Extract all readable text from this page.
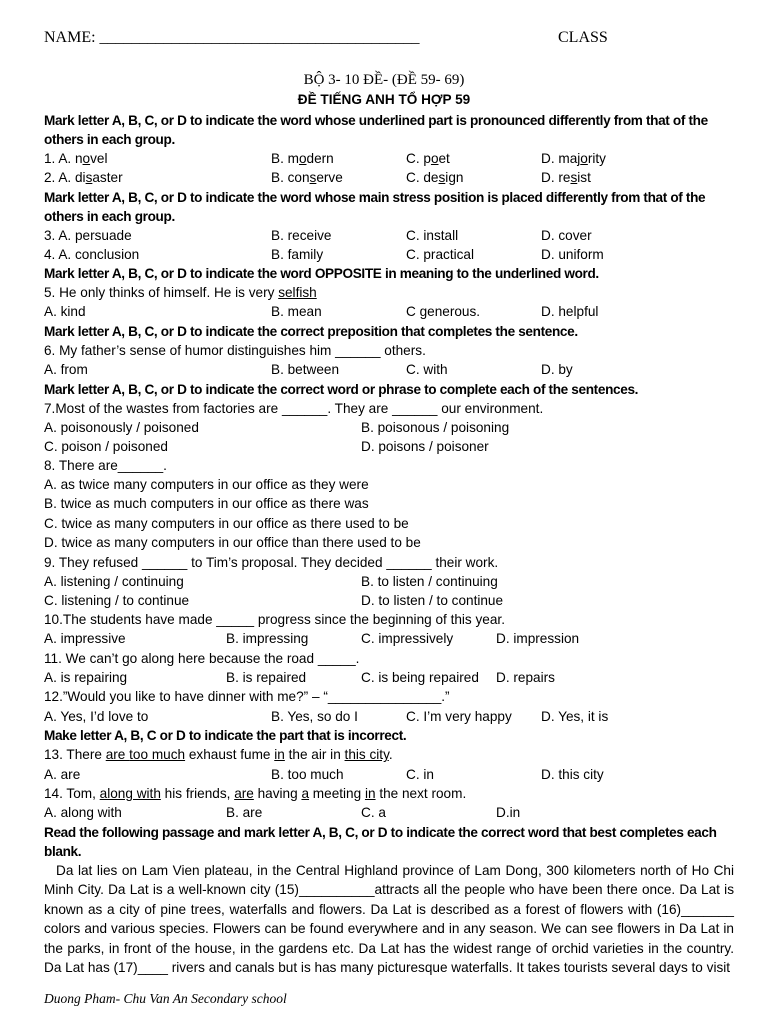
NAME: ________________________________________	CLASS
BỘ 3- 10 ĐỀ- (ĐỀ 59- 69)
ĐỀ TIẾNG ANH TỔ HỢP 59
Mark letter A, B, C, or D to indicate the word whose underlined part is pronounced differently from that of the others in each group.
1. A. novel	B. modern	C. poet	D. majority
2. A. disaster	B. conserve	C. design	D. resist
Mark letter A, B, C, or D to indicate the word whose main stress position is placed differently from that of the others in each group.
3. A. persuade	B. receive	C. install	D. cover
4. A. conclusion	B. family	C. practical	D. uniform
Mark letter A, B, C, or D to indicate the word OPPOSITE in meaning to the underlined word.
5. He only thinks of himself. He is very selfish
A. kind	B. mean	C generous.	D. helpful
Mark letter A, B, C, or D to indicate the correct preposition that completes the sentence.
6. My father’s sense of humor distinguishes him ______ others.
A. from	B. between	C. with	D. by
Mark letter A, B, C, or D to indicate the correct word or phrase to complete each of the sentences.
7.Most of the wastes from factories are ______. They are ______ our environment.
A. poisonously / poisoned	B. poisonous / poisoning
C. poison / poisoned	D. poisons / poisoner
8. There are______.
A. as twice many computers in our office as they were
B. twice as much computers in our office as there was
C. twice as many computers in our office as there used to be
D. twice as many computers in our office than there used to be
9. They refused ______ to Tim’s proposal. They decided ______ their work.
A. listening / continuing	B. to listen / continuing
C. listening / to continue	D. to listen / to continue
10.The students have made _____ progress since the beginning of this year.
A. impressive	B. impressing	C. impressively	D. impression
11. We can’t go along here because the road _____.
A. is repairing	B. is repaired	C. is being repaired D. repairs
12.”Would you like to have dinner with me?” – “_______________.”
A. Yes, I’d love to	B. Yes, so do I	C. I’m very happy D. Yes, it is
Make letter A, B, C or D to indicate the part that is incorrect.
13. There are too much exhaust fume in the air in this city.
A. are	B. too much	C. in	D. this city
14. Tom, along with his friends, are having a meeting in the next room.
A. along with	B. are	C. a	D.in
Read the following passage and mark letter A, B, C, or D to indicate the correct word that best completes each blank.
Da lat lies on Lam Vien plateau, in the Central Highland province of Lam Dong, 300 kilometers north of Ho Chi Minh City. Da Lat is a well-known city (15)__________attracts all the people who have been there once. Da Lat is known as a city of pine trees, waterfalls and flowers. Da Lat is described as a forest of flowers with (16)_______ colors and various species. Flowers can be found everywhere and in any season. We can see flowers in Da Lat in the parks, in front of the house, in the gardens etc. Da Lat has the widest range of orchid varieties in the country. Da Lat has (17)____ rivers and canals but is has many picturesque waterfalls. It takes tourists several days to visit
Duong Pham- Chu Van An Secondary school
